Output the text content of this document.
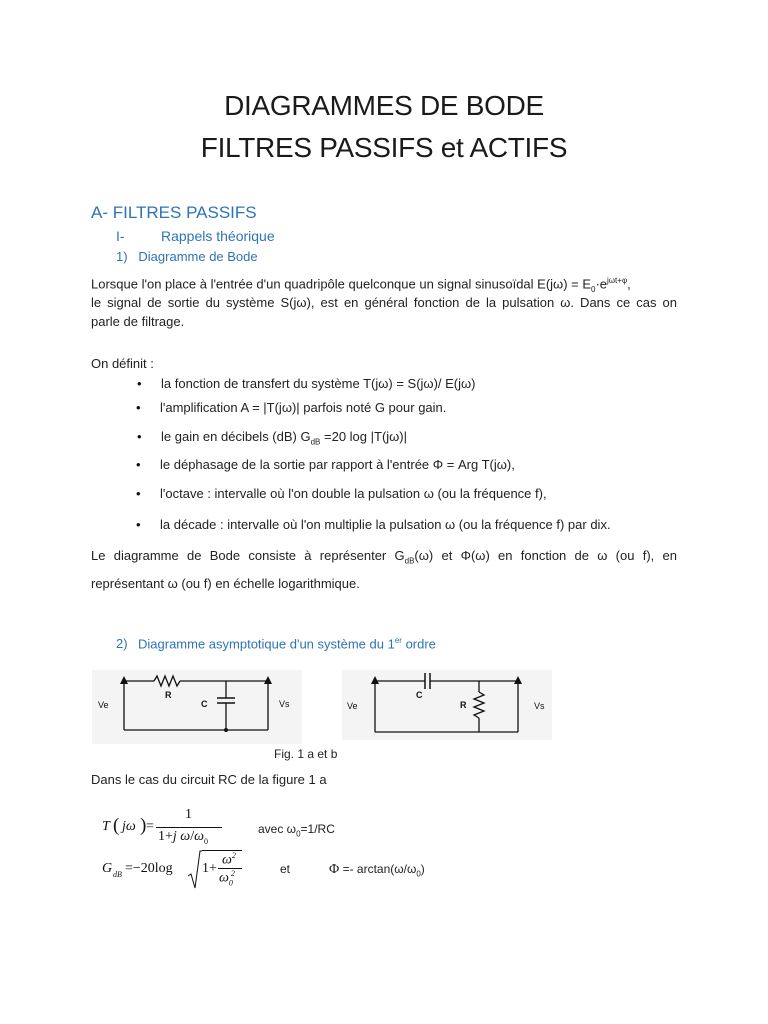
DIAGRAMMES DE BODE
FILTRES PASSIFS et ACTIFS
A- FILTRES PASSIFS
I-	Rappels théorique
1)   Diagramme de Bode
Lorsque l'on place à l'entrée d'un quadripôle quelconque un signal sinusoïdal $E(j\omega) = E_0\cdot e^{j\omega t+\varphi}$,
le signal de sortie du système S(jω), est en général fonction de la pulsation ω. Dans ce cas on
parle de filtrage.
On définit :
• la fonction de transfert du système T(jω) = S(jω)/ E(jω)
• l'amplification A = |T(jω)| parfois noté G pour gain.
• le gain en décibels (dB) $G_{dB} =20$ log |T(jω)|
• le déphasage de la sortie par rapport à l'entrée Φ = Arg T(jω),
• l'octave : intervalle où l'on double la pulsation ω (ou la fréquence f),
• la décade : intervalle où l'on multiplie la pulsation ω (ou la fréquence f) par dix.
Le diagramme de Bode consiste à représenter $G_{dB}(\omega)$ et Φ(ω) en fonction de ω (ou f), en
représentant ω (ou f) en échelle logarithmique.
2) Diagramme asymptotique d'un système du 1er ordre
Ve
R
C	Vs	Ve
C
R	Vs
Fig. 1 a et b
Dans le cas du circuit RC de la figure 1 a
T ( jω ) =
1
1+j $\omega/\omega_0$
avec $\omega_0=1/RC$
G dB =−20log 1+
$\omega^2$
$\omega_0^2$	et	$\Phi =- \arctan(\omega/\omega_0)$
